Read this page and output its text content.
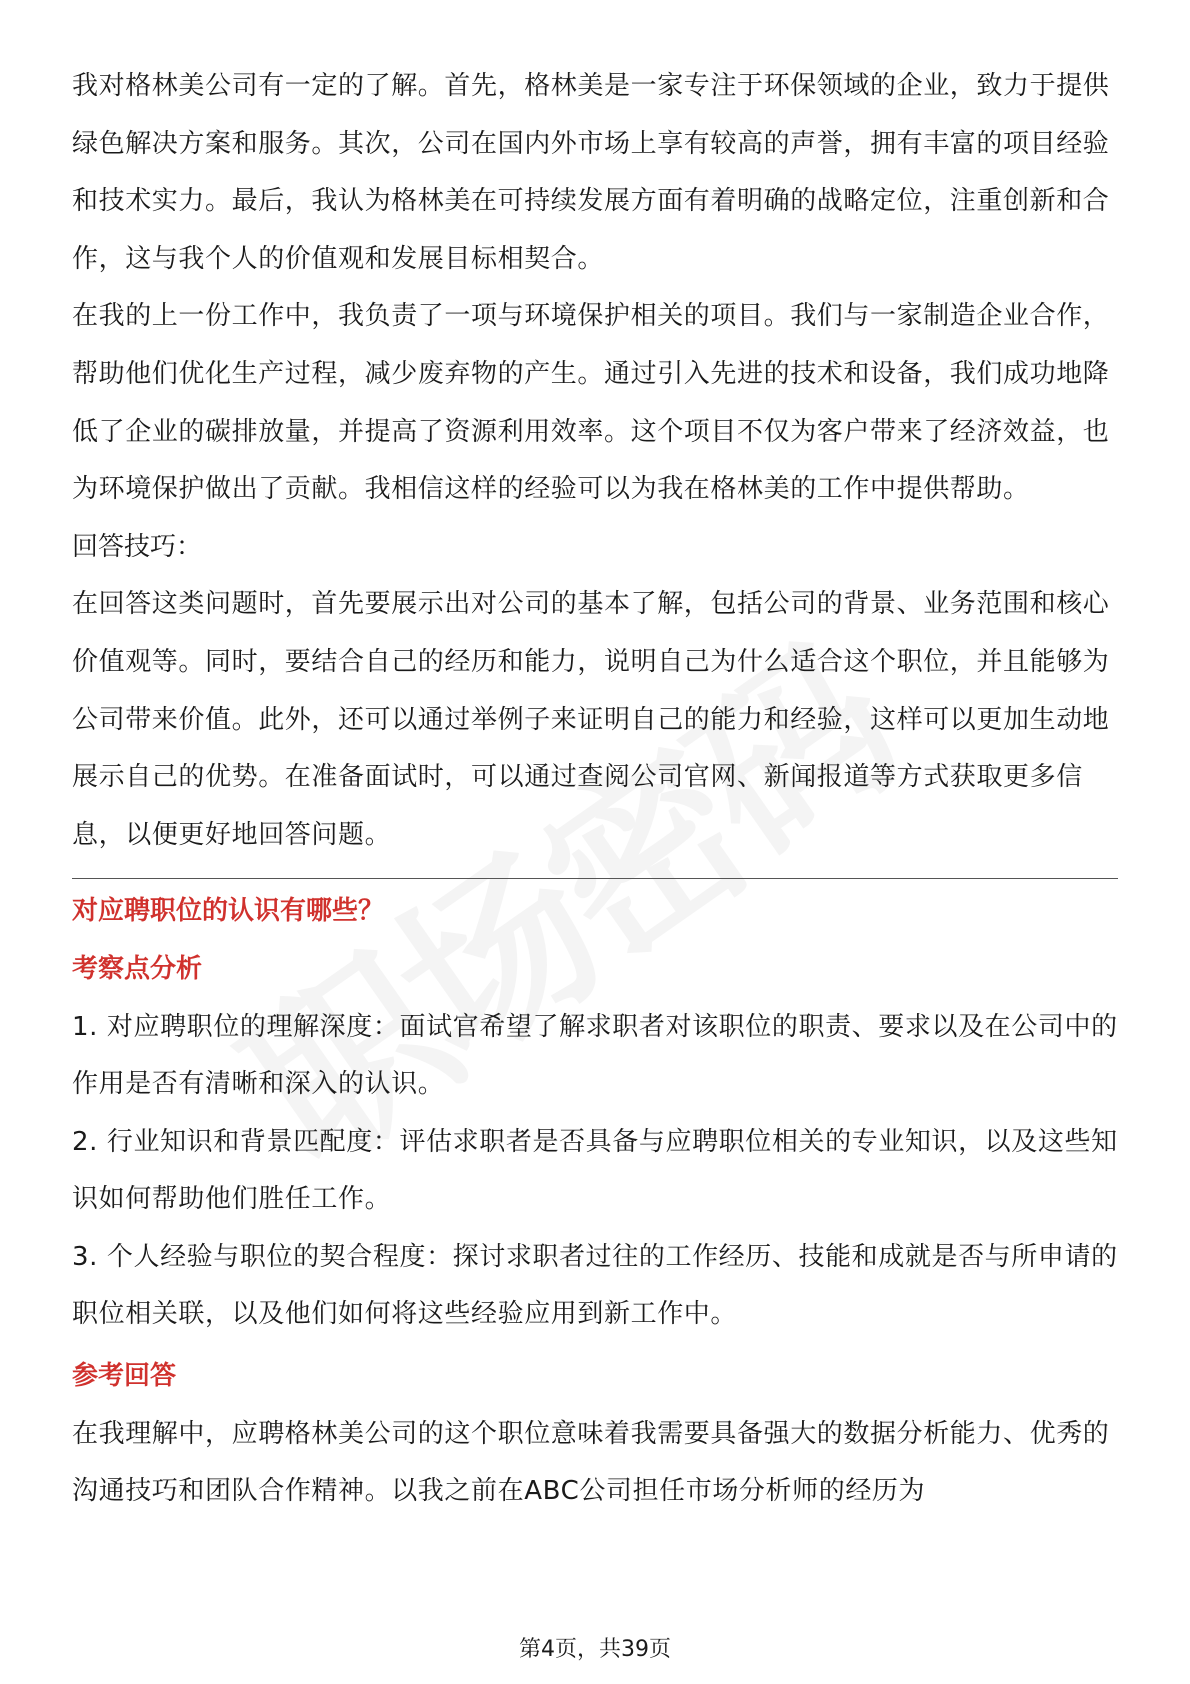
我对格林美公司有一定的了解。首先，格林美是一家专注于环保领域的企业，致力于提供绿色解决方案和服务。其次，公司在国内外市场上享有较高的声誉，拥有丰富的项目经验和技术实力。最后，我认为格林美在可持续发展方面有着明确的战略定位，注重创新和合作，这与我个人的价值观和发展目标相契合。

在我的上一份工作中，我负责了一项与环境保护相关的项目。我们与一家制造企业合作，帮助他们优化生产过程，减少废弃物的产生。通过引入先进的技术和设备，我们成功地降低了企业的碳排放量，并提高了资源利用效率。这个项目不仅为客户带来了经济效益，也为环境保护做出了贡献。我相信这样的经验可以为我在格林美的工作中提供帮助。

回答技巧：

在回答这类问题时，首先要展示出对公司的基本了解，包括公司的背景、业务范围和核心价值观等。同时，要结合自己的经历和能力，说明自己为什么适合这个职位，并且能够为公司带来价值。此外，还可以通过举例子来证明自己的能力和经验，这样可以更加生动地展示自己的优势。在准备面试时，可以通过查阅公司官网、新闻报道等方式获取更多信息，以便更好地回答问题。

对应聘职位的认识有哪些？

考察点分析

1. 对应聘职位的理解深度：面试官希望了解求职者对该职位的职责、要求以及在公司中的作用是否有清晰和深入的认识。

2. 行业知识和背景匹配度：评估求职者是否具备与应聘职位相关的专业知识，以及这些知识如何帮助他们胜任工作。

3. 个人经验与职位的契合程度：探讨求职者过往的工作经历、技能和成就是否与所申请的职位相关联，以及他们如何将这些经验应用到新工作中。

参考回答

在我理解中，应聘格林美公司的这个职位意味着我需要具备强大的数据分析能力、优秀的沟通技巧和团队合作精神。以我之前在ABC公司担任市场分析师的经历为

第4页，共39页
